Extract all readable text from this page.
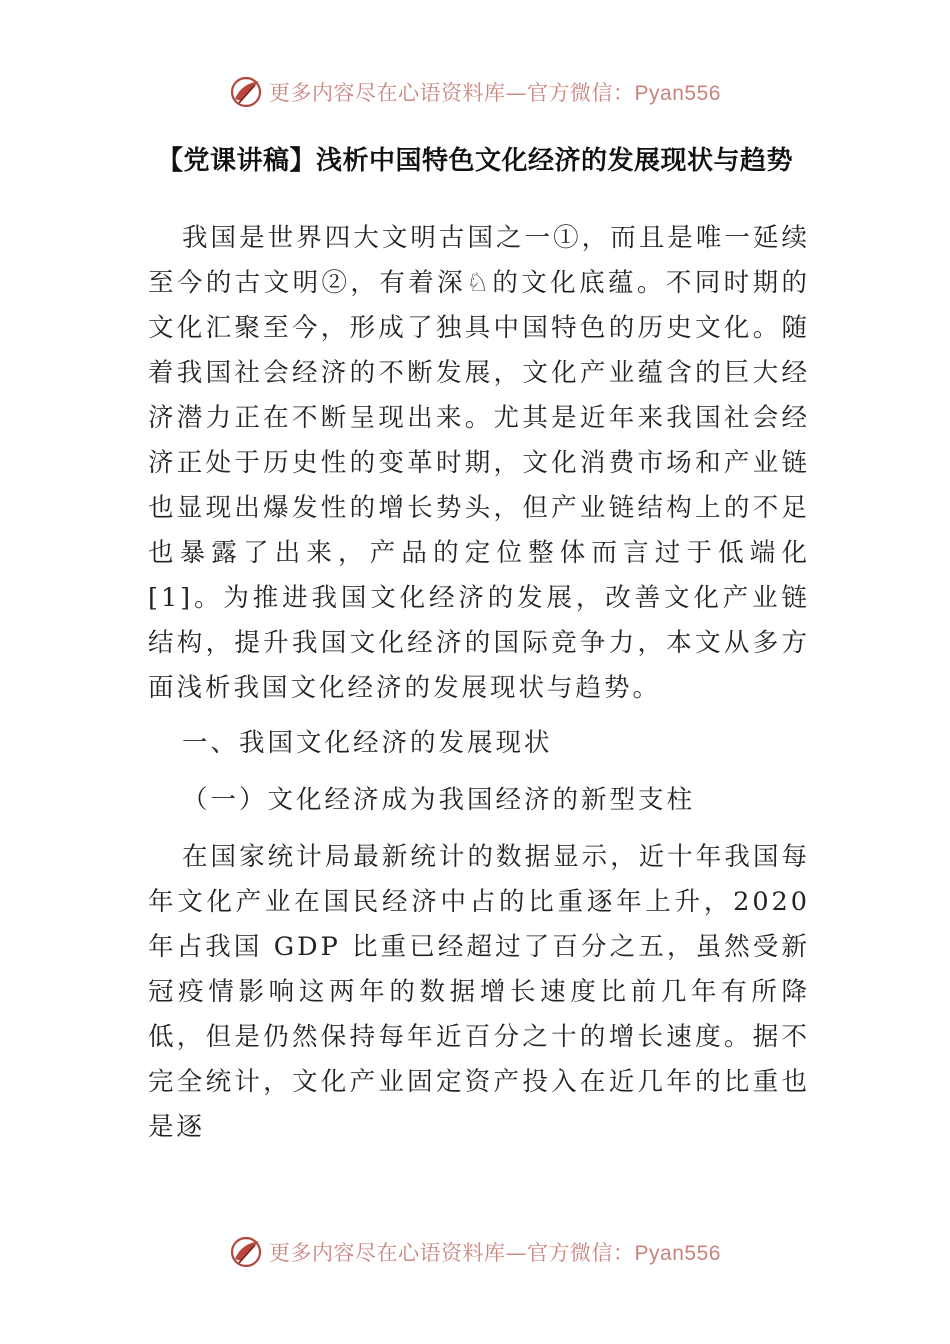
更多内容尽在心语资料库—官方微信：Pyan556
【党课讲稿】浅析中国特色文化经济的发展现状与趋势

我国是世界四大文明古国之一①，而且是唯一延续至今的古文明②，有着深♘的文化底蕴。不同时期的文化汇聚至今，形成了独具中国特色的历史文化。随着我国社会经济的不断发展，文化产业蕴含的巨大经济潜力正在不断呈现出来。尤其是近年来我国社会经济正处于历史性的变革时期，文化消费市场和产业链也显现出爆发性的增长势头，但产业链结构上的不足也暴露了出来，产品的定位整体而言过于低端化[1]。为推进我国文化经济的发展，改善文化产业链结构，提升我国文化经济的国际竞争力，本文从多方面浅析我国文化经济的发展现状与趋势。

一、我国文化经济的发展现状

（一）文化经济成为我国经济的新型支柱

在国家统计局最新统计的数据显示，近十年我国每年文化产业在国民经济中占的比重逐年上升，2020 年占我国 GDP 比重已经超过了百分之五，虽然受新冠疫情影响这两年的数据增长速度比前几年有所降低，但是仍然保持每年近百分之十的增长速度。据不完全统计，文化产业固定资产投入在近几年的比重也是逐

更多内容尽在心语资料库—官方微信：Pyan556
